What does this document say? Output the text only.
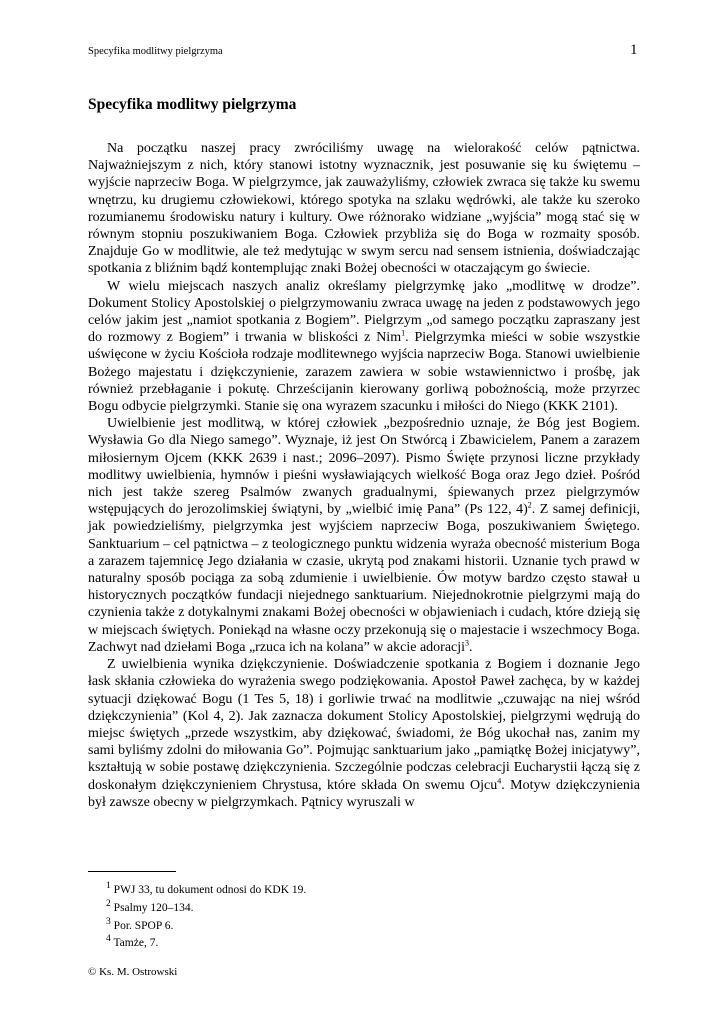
Specyfika modlitwy pielgrzyma	1
Specyfika modlitwy pielgrzyma

Na początku naszej pracy zwróciliśmy uwagę na wielorakość celów pątnictwa. Najważniejszym z nich, który stanowi istotny wyznacznik, jest posuwanie się ku świętemu – wyjście naprzeciw Boga. W pielgrzymce, jak zauważyliśmy, człowiek zwraca się także ku swemu wnętrzu, ku drugiemu człowiekowi, którego spotyka na szlaku wędrówki, ale także ku szeroko rozumianemu środowisku natury i kultury. Owe różnorako widziane „wyjścia” mogą stać się w równym stopniu poszukiwaniem Boga. Człowiek przybliża się do Boga w rozmaity sposób. Znajduje Go w modlitwie, ale też medytując w swym sercu nad sensem istnienia, doświadczając spotkania z bliźnim bądź kontemplując znaki Bożej obecności w otaczającym go świecie.

W wielu miejscach naszych analiz określamy pielgrzymkę jako „modlitwę w drodze”. Dokument Stolicy Apostolskiej o pielgrzymowaniu zwraca uwagę na jeden z podstawowych jego celów jakim jest „namiot spotkania z Bogiem”. Pielgrzym „od samego początku zapraszany jest do rozmowy z Bogiem” i trwania w bliskości z Nim$^1$. Pielgrzymka mieści w sobie wszystkie uświęcone w życiu Kościoła rodzaje modlitewnego wyjścia naprzeciw Boga. Stanowi uwielbienie Bożego majestatu i dziękczynienie, zarazem zawiera w sobie wstawiennictwo i prośbę, jak również przebłaganie i pokutę. Chrześcijanin kierowany gorliwą pobożnością, może przyrzec Bogu odbycie pielgrzymki. Stanie się ona wyrazem szacunku i miłości do Niego (KKK 2101).

Uwielbienie jest modlitwą, w której człowiek „bezpośrednio uznaje, że Bóg jest Bogiem. Wysławia Go dla Niego samego”. Wyznaje, iż jest On Stwórcą i Zbawicielem, Panem a zarazem miłosiernym Ojcem (KKK 2639 i nast.; 2096–2097). Pismo Święte przynosi liczne przykłady modlitwy uwielbienia, hymnów i pieśni wysławiających wielkość Boga oraz Jego dzieł. Pośród nich jest także szereg Psalmów zwanych gradualnymi, śpiewanych przez pielgrzymów wstępujących do jerozolimskiej świątyni, by „wielbić imię Pana” (Ps 122, 4)$^2$. Z samej definicji, jak powiedzieliśmy, pielgrzymka jest wyjściem naprzeciw Boga, poszukiwaniem Świętego. Sanktuarium – cel pątnictwa – z teologicznego punktu widzenia wyraża obecność misterium Boga a zarazem tajemnicę Jego działania w czasie, ukrytą pod znakami historii. Uznanie tych prawd w naturalny sposób pociąga za sobą zdumienie i uwielbienie. Ów motyw bardzo często stawał u historycznych początków fundacji niejednego sanktuarium. Niejednokrotnie pielgrzymi mają do czynienia także z dotykalnymi znakami Bożej obecności w objawieniach i cudach, które dzieją się w miejscach świętych. Poniekąd na własne oczy przekonują się o majestacie i wszechmocy Boga. Zachwyt nad dziełami Boga „rzuca ich na kolana” w akcie adoracji$^3$.

Z uwielbienia wynika dziękczynienie. Doświadczenie spotkania z Bogiem i doznanie Jego łask skłania człowieka do wyrażenia swego podziękowania. Apostoł Paweł zachęca, by w każdej sytuacji dziękować Bogu (1 Tes 5, 18) i gorliwie trwać na modlitwie „czuwając na niej wśród dziękczynienia” (Kol 4, 2). Jak zaznacza dokument Stolicy Apostolskiej, pielgrzymi wędrują do miejsc świętych „przede wszystkim, aby dziękować, świadomi, że Bóg ukochał nas, zanim my sami byliśmy zdolni do miłowania Go”. Pojmując sanktuarium jako „pamiątkę Bożej inicjatywy”, kształtują w sobie postawę dziękczynienia. Szczególnie podczas celebracji Eucharystii łączą się z doskonałym dziękczynieniem Chrystusa, które składa On swemu Ojcu$^4$. Motyw dziękczynienia był zawsze obecny w pielgrzymkach. Pątnicy wyruszali w

$^1$ PWJ 33, tu dokument odnosi do KDK 19.
$^2$ Psalmy 120–134.
$^3$ Por. SPOP 6.
$^4$ Tamże, 7.
© Ks. M. Ostrowski
